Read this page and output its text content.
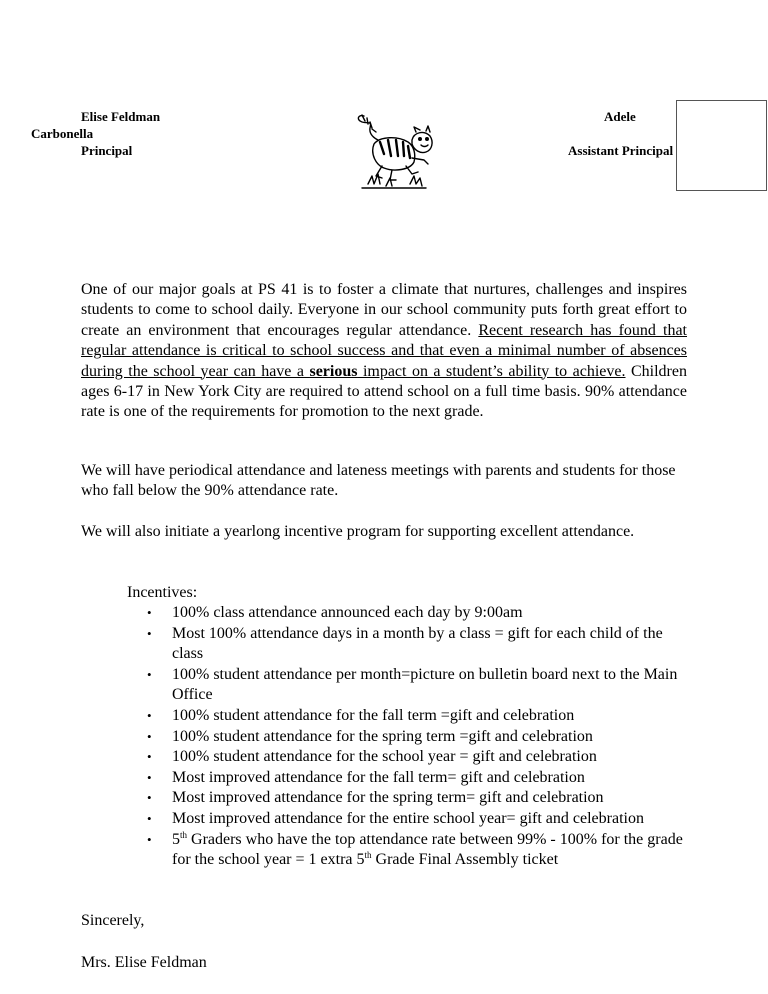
Elise Feldman
Principal
Adele
Carbonella
Assistant Principal
One of our major goals at PS 41 is to foster a climate that nurtures, challenges and inspires students to come to school daily. Everyone in our school community puts forth great effort to create an environment that encourages regular attendance. Recent research has found that regular attendance is critical to school success and that even a minimal number of absences during the school year can have a serious impact on a student’s ability to achieve. Children ages 6-17 in New York City are required to attend school on a full time basis. 90% attendance rate is one of the requirements for promotion to the next grade.
We will have periodical attendance and lateness meetings with parents and students for those who fall below the 90% attendance rate.
We will also initiate a yearlong incentive program for supporting excellent attendance.
Incentives:
• 100% class attendance announced each day by 9:00am
• Most 100% attendance days in a month by a class = gift for each child of the class
• 100% student attendance per month=picture on bulletin board next to the Main Office
• 100% student attendance for the fall term =gift and celebration
• 100% student attendance for the spring term =gift and celebration
• 100% student attendance for the school year = gift and celebration
• Most improved attendance for the fall term= gift and celebration
• Most improved attendance for the spring term= gift and celebration
• Most improved attendance for the entire school year= gift and celebration
• 5th Graders who have the top attendance rate between 99% - 100% for the grade for the school year = 1 extra 5th Grade Final Assembly ticket
Sincerely,
Mrs. Elise Feldman
